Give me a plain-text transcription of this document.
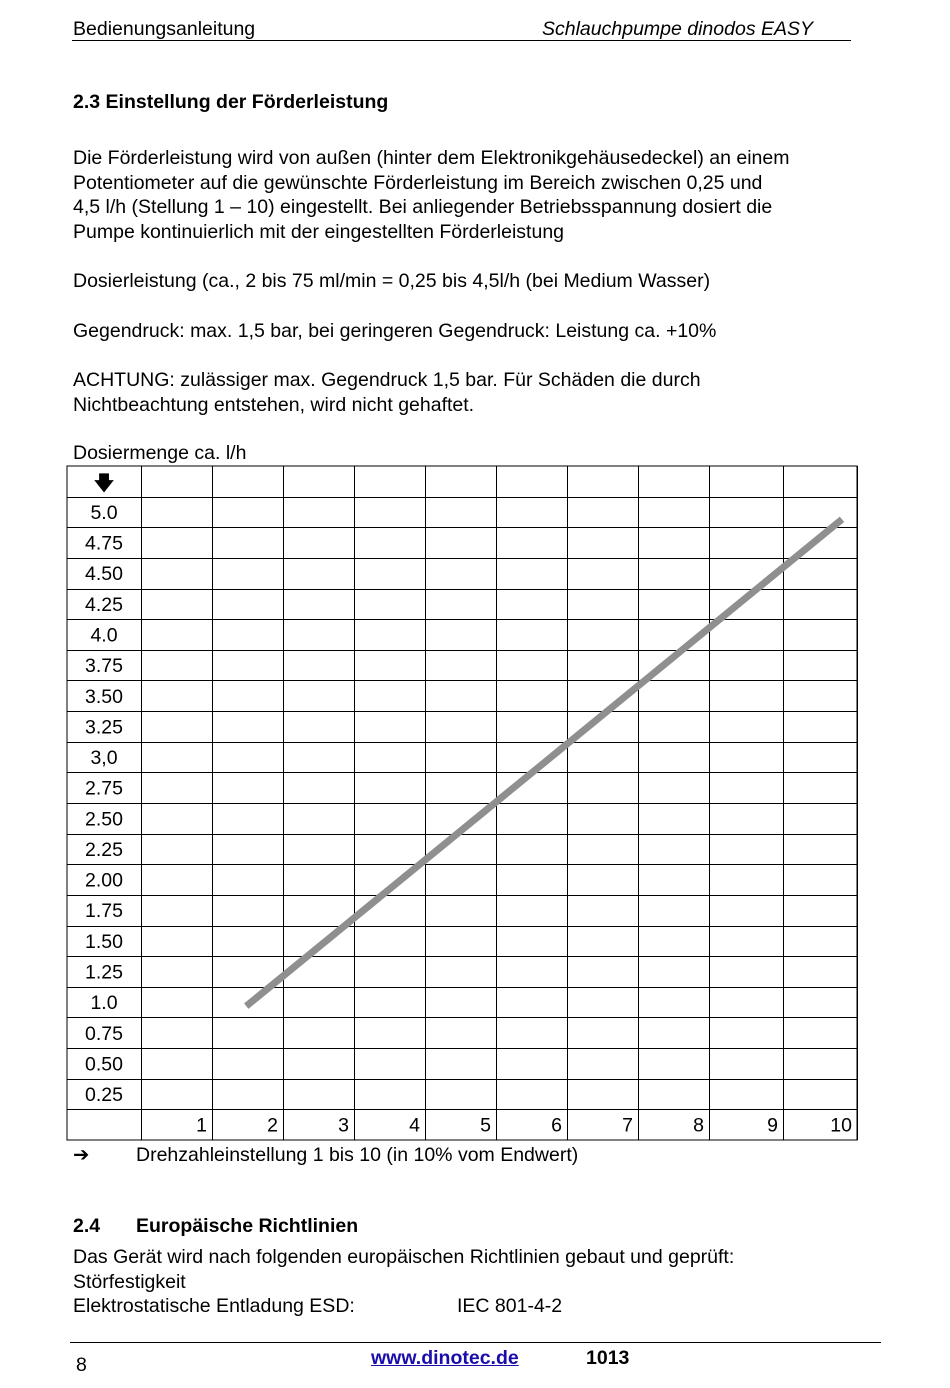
Bedienungsanleitung	Schlauchpumpe dinodos EASY
2.3 Einstellung der Förderleistung
Die Förderleistung wird von außen (hinter dem Elektronikgehäusedeckel) an einem
Potentiometer auf die gewünschte Förderleistung im Bereich zwischen 0,25 und
4,5 l/h (Stellung 1 – 10) eingestellt. Bei anliegender Betriebsspannung dosiert die
Pumpe kontinuierlich mit der eingestellten Förderleistung
Dosierleistung (ca., 2 bis 75 ml/min = 0,25 bis 4,5l/h (bei Medium Wasser)
Gegendruck: max. 1,5 bar, bei geringeren Gegendruck: Leistung ca. +10%
ACHTUNG: zulässiger max. Gegendruck 1,5 bar. Für Schäden die durch
Nichtbeachtung entstehen, wird nicht gehaftet.
Dosiermenge ca. l/h
5.0
4.75
4.50
4.25
4.0
3.75
3.50
3.25
3,0
2.75
2.50
2.25
2.00
1.75
1.50
1.25
1.0
0.75
0.50
0.25
1	2	3	4	5	6	7	8	9	10
🡇
➔ Drehzahleinstellung 1 bis 10 (in 10% vom Endwert)
2.4 Europäische Richtlinien
Das Gerät wird nach folgenden europäischen Richtlinien gebaut und geprüft:
Störfestigkeit
Elektrostatische Entladung ESD:	IEC 801-4-2
8	www.dinotec.de	1013
